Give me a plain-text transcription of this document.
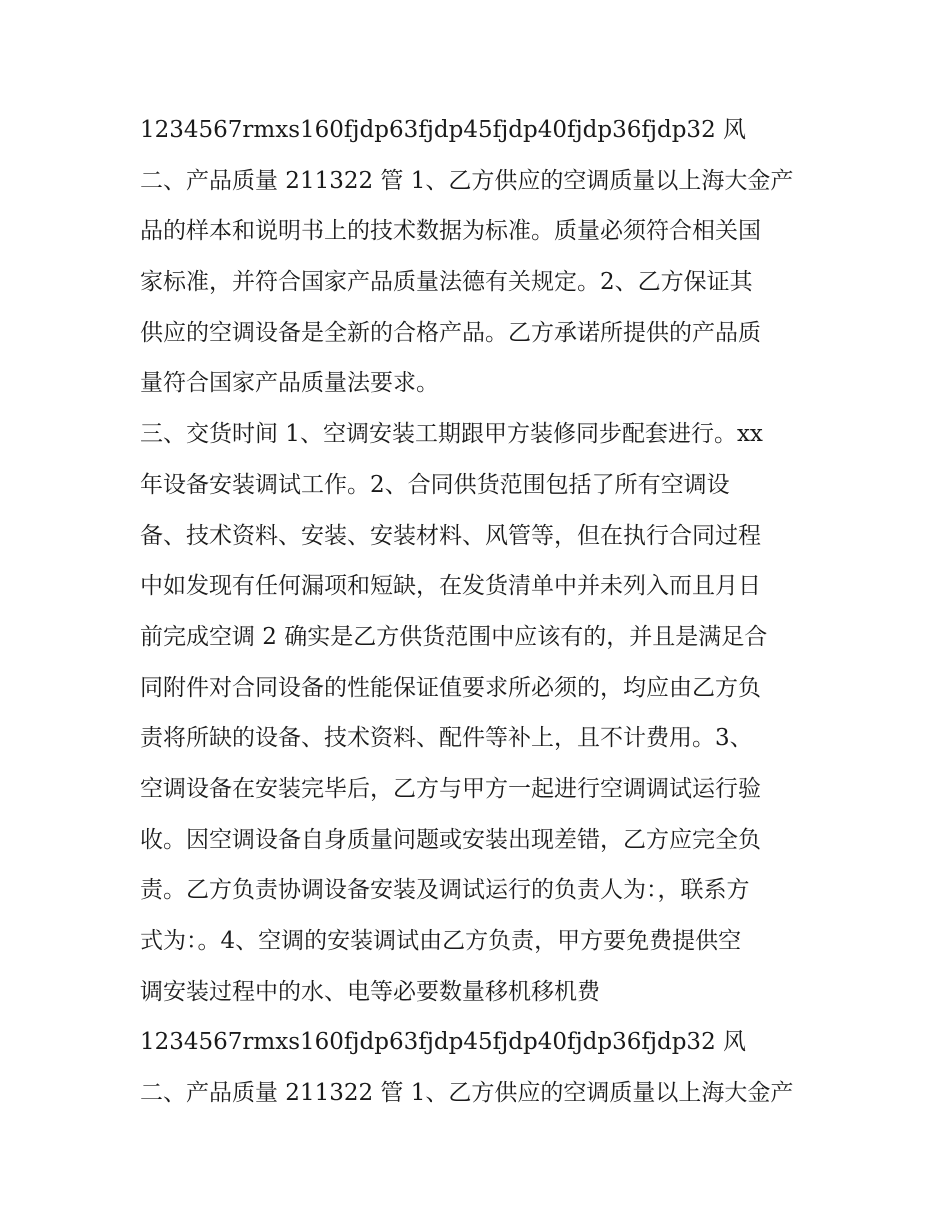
1234567rmxs160fjdp63fjdp45fjdp40fjdp36fjdp32 风
二、产品质量 211322 管 1、乙方供应的空调质量以上海大金产
品的样本和说明书上的技术数据为标准。质量必须符合相关国
家标准，并符合国家产品质量法德有关规定。2、乙方保证其
供应的空调设备是全新的合格产品。乙方承诺所提供的产品质
量符合国家产品质量法要求。
三、交货时间 1、空调安装工期跟甲方装修同步配套进行。xx
年设备安装调试工作。2、合同供货范围包括了所有空调设
备、技术资料、安装、安装材料、风管等，但在执行合同过程
中如发现有任何漏项和短缺，在发货清单中并未列入而且月日
前完成空调 2 确实是乙方供货范围中应该有的，并且是满足合
同附件对合同设备的性能保证值要求所必须的，均应由乙方负
责将所缺的设备、技术资料、配件等补上，且不计费用。3、
空调设备在安装完毕后，乙方与甲方一起进行空调调试运行验
收。因空调设备自身质量问题或安装出现差错，乙方应完全负
责。乙方负责协调设备安装及调试运行的负责人为：，联系方
式为：。4、空调的安装调试由乙方负责，甲方要免费提供空
调安装过程中的水、电等必要数量移机移机费
1234567rmxs160fjdp63fjdp45fjdp40fjdp36fjdp32 风
二、产品质量 211322 管 1、乙方供应的空调质量以上海大金产
